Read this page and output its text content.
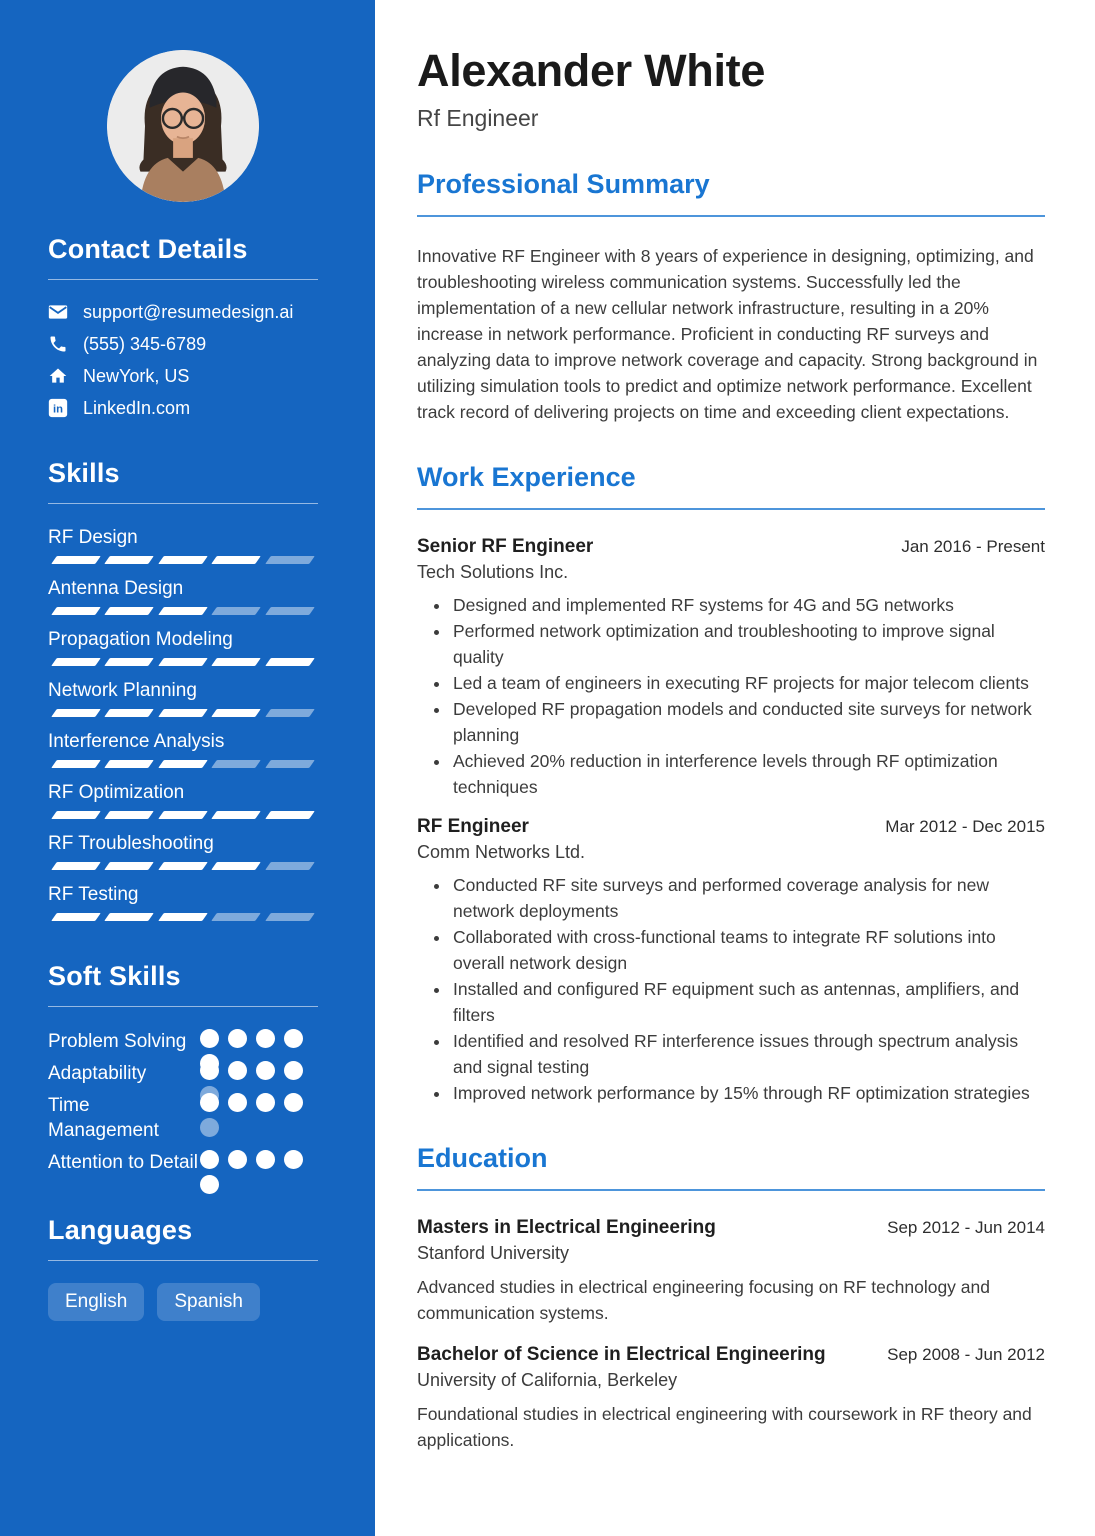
Contact Details
support@resumedesign.ai
(555) 345-6789
NewYork, US
in LinkedIn.com
Skills
RF Design
Antenna Design
Propagation Modeling
Network Planning
Interference Analysis
RF Optimization
RF Troubleshooting
RF Testing
Soft Skills
Problem Solving
Adaptability
Time Management
Attention to Detail
Languages
English	Spanish
Alexander White

Rf Engineer

Professional Summary

Innovative RF Engineer with 8 years of experience in designing, optimizing, and troubleshooting wireless communication systems. Successfully led the implementation of a new cellular network infrastructure, resulting in a 20% increase in network performance. Proficient in conducting RF surveys and analyzing data to improve network coverage and capacity. Strong background in utilizing simulation tools to predict and optimize network performance. Excellent track record of delivering projects on time and exceeding client expectations.

Work Experience
Senior RF Engineer	Jan 2016 - Present
Tech Solutions Inc.
• Designed and implemented RF systems for 4G and 5G networks
• Performed network optimization and troubleshooting to improve signal quality
• Led a team of engineers in executing RF projects for major telecom clients
• Developed RF propagation models and conducted site surveys for network planning
• Achieved 20% reduction in interference levels through RF optimization techniques
RF Engineer	Mar 2012 - Dec 2015
Comm Networks Ltd.
• Conducted RF site surveys and performed coverage analysis for new network deployments
• Collaborated with cross-functional teams to integrate RF solutions into overall network design
• Installed and configured RF equipment such as antennas, amplifiers, and filters
• Identified and resolved RF interference issues through spectrum analysis and signal testing
• Improved network performance by 15% through RF optimization strategies
Education
Masters in Electrical Engineering	Sep 2012 - Jun 2014
Stanford University

Advanced studies in electrical engineering focusing on RF technology and communication systems.

Bachelor of Science in Electrical Engineering	Sep 2008 - Jun 2012
University of California, Berkeley

Foundational studies in electrical engineering with coursework in RF theory and applications.
